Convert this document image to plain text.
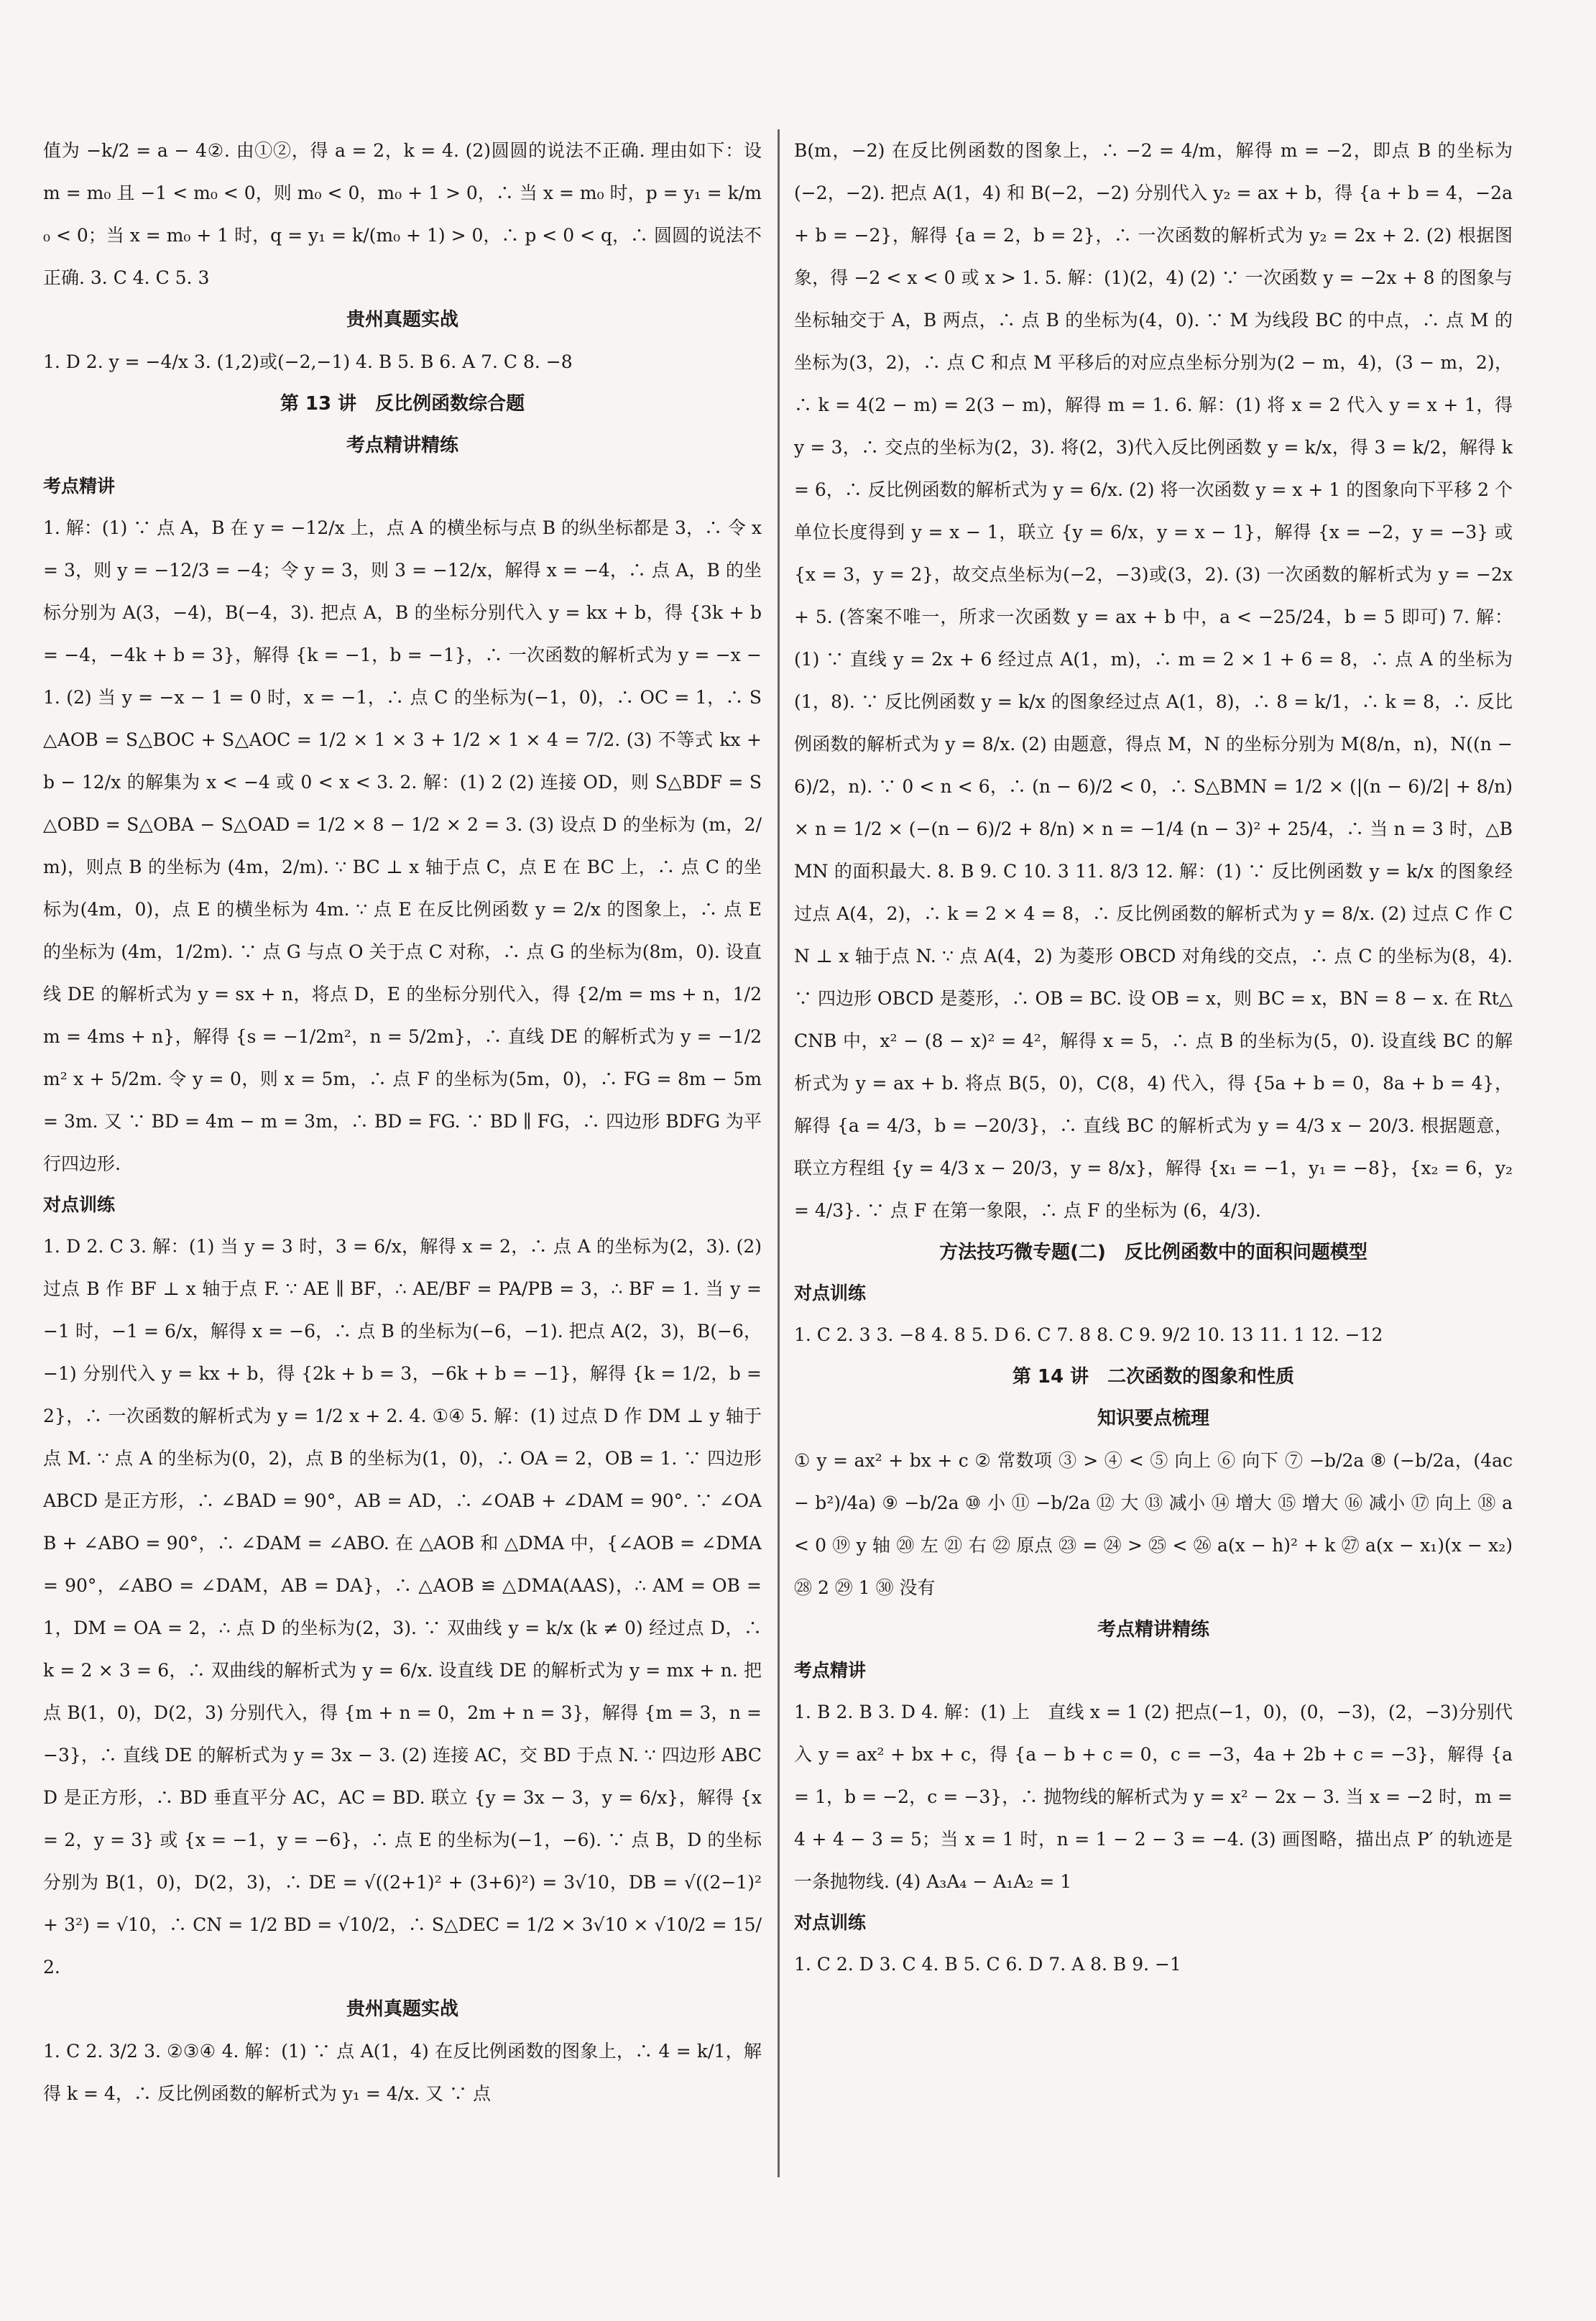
值为 −k/2 = a − 4②. 由①②，得 a = 2，k = 4. (2)圆圆的说法不正确. 理由如下：设 m = m₀ 且 −1 < m₀ < 0，则 m₀ < 0，m₀ + 1 > 0，∴ 当 x = m₀ 时，p = y₁ = k/m₀ < 0；当 x = m₀ + 1 时，q = y₁ = k/(m₀ + 1) > 0，∴ p < 0 < q，∴ 圆圆的说法不正确. 3. C 4. C 5. 3

贵州真题实战

1. D 2. y = −4/x 3. (1,2)或(−2,−1) 4. B 5. B 6. A 7. C 8. −8

第 13 讲　反比例函数综合题

考点精讲精练

考点精讲

1. 解：(1) ∵ 点 A，B 在 y = −12/x 上，点 A 的横坐标与点 B 的纵坐标都是 3，∴ 令 x = 3，则 y = −12/3 = −4；令 y = 3，则 3 = −12/x，解得 x = −4，∴ 点 A，B 的坐标分别为 A(3，−4)，B(−4，3). 把点 A，B 的坐标分别代入 y = kx + b，得 {3k + b = −4，−4k + b = 3}，解得 {k = −1，b = −1}，∴ 一次函数的解析式为 y = −x − 1. (2) 当 y = −x − 1 = 0 时，x = −1，∴ 点 C 的坐标为(−1，0)，∴ OC = 1，∴ S△AOB = S△BOC + S△AOC = 1/2 × 1 × 3 + 1/2 × 1 × 4 = 7/2. (3) 不等式 kx + b − 12/x 的解集为 x < −4 或 0 < x < 3. 2. 解：(1) 2 (2) 连接 OD，则 S△BDF = S△OBD = S△OBA − S△OAD = 1/2 × 8 − 1/2 × 2 = 3. (3) 设点 D 的坐标为 (m，2/m)，则点 B 的坐标为 (4m，2/m). ∵ BC ⊥ x 轴于点 C，点 E 在 BC 上，∴ 点 C 的坐标为(4m，0)，点 E 的横坐标为 4m. ∵ 点 E 在反比例函数 y = 2/x 的图象上，∴ 点 E 的坐标为 (4m，1/2m). ∵ 点 G 与点 O 关于点 C 对称，∴ 点 G 的坐标为(8m，0). 设直线 DE 的解析式为 y = sx + n，将点 D，E 的坐标分别代入，得 {2/m = ms + n，1/2m = 4ms + n}，解得 {s = −1/2m²，n = 5/2m}，∴ 直线 DE 的解析式为 y = −1/2m² x + 5/2m. 令 y = 0，则 x = 5m，∴ 点 F 的坐标为(5m，0)，∴ FG = 8m − 5m = 3m. 又 ∵ BD = 4m − m = 3m，∴ BD = FG. ∵ BD ∥ FG，∴ 四边形 BDFG 为平行四边形.

对点训练

1. D 2. C 3. 解：(1) 当 y = 3 时，3 = 6/x，解得 x = 2，∴ 点 A 的坐标为(2，3). (2) 过点 B 作 BF ⊥ x 轴于点 F. ∵ AE ∥ BF，∴ AE/BF = PA/PB = 3，∴ BF = 1. 当 y = −1 时，−1 = 6/x，解得 x = −6，∴ 点 B 的坐标为(−6，−1). 把点 A(2，3)，B(−6，−1) 分别代入 y = kx + b，得 {2k + b = 3，−6k + b = −1}，解得 {k = 1/2，b = 2}，∴ 一次函数的解析式为 y = 1/2 x + 2. 4. ①④ 5. 解：(1) 过点 D 作 DM ⊥ y 轴于点 M. ∵ 点 A 的坐标为(0，2)，点 B 的坐标为(1，0)，∴ OA = 2，OB = 1. ∵ 四边形 ABCD 是正方形，∴ ∠BAD = 90°，AB = AD，∴ ∠OAB + ∠DAM = 90°. ∵ ∠OAB + ∠ABO = 90°，∴ ∠DAM = ∠ABO. 在 △AOB 和 △DMA 中，{∠AOB = ∠DMA = 90°，∠ABO = ∠DAM，AB = DA}，∴ △AOB ≌ △DMA(AAS)，∴ AM = OB = 1，DM = OA = 2，∴ 点 D 的坐标为(2，3). ∵ 双曲线 y = k/x (k ≠ 0) 经过点 D，∴ k = 2 × 3 = 6，∴ 双曲线的解析式为 y = 6/x. 设直线 DE 的解析式为 y = mx + n. 把点 B(1，0)，D(2，3) 分别代入，得 {m + n = 0，2m + n = 3}，解得 {m = 3，n = −3}，∴ 直线 DE 的解析式为 y = 3x − 3. (2) 连接 AC，交 BD 于点 N. ∵ 四边形 ABCD 是正方形，∴ BD 垂直平分 AC，AC = BD. 联立 {y = 3x − 3，y = 6/x}，解得 {x = 2，y = 3} 或 {x = −1，y = −6}，∴ 点 E 的坐标为(−1，−6). ∵ 点 B，D 的坐标分别为 B(1，0)，D(2，3)，∴ DE = √((2+1)² + (3+6)²) = 3√10，DB = √((2−1)² + 3²) = √10，∴ CN = 1/2 BD = √10/2，∴ S△DEC = 1/2 × 3√10 × √10/2 = 15/2.

贵州真题实战

1. C 2. 3/2 3. ②③④ 4. 解：(1) ∵ 点 A(1，4) 在反比例函数的图象上，∴ 4 = k/1，解得 k = 4，∴ 反比例函数的解析式为 y₁ = 4/x. 又 ∵ 点

B(m，−2) 在反比例函数的图象上，∴ −2 = 4/m，解得 m = −2，即点 B 的坐标为(−2，−2). 把点 A(1，4) 和 B(−2，−2) 分别代入 y₂ = ax + b，得 {a + b = 4，−2a + b = −2}，解得 {a = 2，b = 2}，∴ 一次函数的解析式为 y₂ = 2x + 2. (2) 根据图象，得 −2 < x < 0 或 x > 1. 5. 解：(1)(2，4) (2) ∵ 一次函数 y = −2x + 8 的图象与坐标轴交于 A，B 两点，∴ 点 B 的坐标为(4，0). ∵ M 为线段 BC 的中点，∴ 点 M 的坐标为(3，2)，∴ 点 C 和点 M 平移后的对应点坐标分别为(2 − m，4)，(3 − m，2)，∴ k = 4(2 − m) = 2(3 − m)，解得 m = 1. 6. 解：(1) 将 x = 2 代入 y = x + 1，得 y = 3，∴ 交点的坐标为(2，3). 将(2，3)代入反比例函数 y = k/x，得 3 = k/2，解得 k = 6，∴ 反比例函数的解析式为 y = 6/x. (2) 将一次函数 y = x + 1 的图象向下平移 2 个单位长度得到 y = x − 1，联立 {y = 6/x，y = x − 1}，解得 {x = −2，y = −3} 或 {x = 3，y = 2}，故交点坐标为(−2，−3)或(3，2). (3) 一次函数的解析式为 y = −2x + 5. (答案不唯一，所求一次函数 y = ax + b 中，a < −25/24，b = 5 即可) 7. 解：(1) ∵ 直线 y = 2x + 6 经过点 A(1，m)，∴ m = 2 × 1 + 6 = 8，∴ 点 A 的坐标为(1，8). ∵ 反比例函数 y = k/x 的图象经过点 A(1，8)，∴ 8 = k/1，∴ k = 8，∴ 反比例函数的解析式为 y = 8/x. (2) 由题意，得点 M，N 的坐标分别为 M(8/n，n)，N((n − 6)/2，n). ∵ 0 < n < 6，∴ (n − 6)/2 < 0，∴ S△BMN = 1/2 × (|(n − 6)/2| + 8/n) × n = 1/2 × (−(n − 6)/2 + 8/n) × n = −1/4 (n − 3)² + 25/4，∴ 当 n = 3 时，△BMN 的面积最大. 8. B 9. C 10. 3 11. 8/3 12. 解：(1) ∵ 反比例函数 y = k/x 的图象经过点 A(4，2)，∴ k = 2 × 4 = 8，∴ 反比例函数的解析式为 y = 8/x. (2) 过点 C 作 CN ⊥ x 轴于点 N. ∵ 点 A(4，2) 为菱形 OBCD 对角线的交点，∴ 点 C 的坐标为(8，4). ∵ 四边形 OBCD 是菱形，∴ OB = BC. 设 OB = x，则 BC = x，BN = 8 − x. 在 Rt△CNB 中，x² − (8 − x)² = 4²，解得 x = 5，∴ 点 B 的坐标为(5，0). 设直线 BC 的解析式为 y = ax + b. 将点 B(5，0)，C(8，4) 代入，得 {5a + b = 0，8a + b = 4}，解得 {a = 4/3，b = −20/3}，∴ 直线 BC 的解析式为 y = 4/3 x − 20/3. 根据题意，联立方程组 {y = 4/3 x − 20/3，y = 8/x}，解得 {x₁ = −1，y₁ = −8}，{x₂ = 6，y₂ = 4/3}. ∵ 点 F 在第一象限，∴ 点 F 的坐标为 (6，4/3).

方法技巧微专题(二)　反比例函数中的面积问题模型

对点训练

1. C 2. 3 3. −8 4. 8 5. D 6. C 7. 8 8. C 9. 9/2 10. 13 11. 1 12. −12

第 14 讲　二次函数的图象和性质

知识要点梳理

① y = ax² + bx + c ② 常数项 ③ > ④ < ⑤ 向上 ⑥ 向下 ⑦ −b/2a ⑧ (−b/2a，(4ac − b²)/4a) ⑨ −b/2a ⑩ 小 ⑪ −b/2a ⑫ 大 ⑬ 减小 ⑭ 增大 ⑮ 增大 ⑯ 减小 ⑰ 向上 ⑱ a < 0 ⑲ y 轴 ⑳ 左 ㉑ 右 ㉒ 原点 ㉓ = ㉔ > ㉕ < ㉖ a(x − h)² + k ㉗ a(x − x₁)(x − x₂) ㉘ 2 ㉙ 1 ㉚ 没有

考点精讲精练

考点精讲

1. B 2. B 3. D 4. 解：(1) 上　直线 x = 1 (2) 把点(−1，0)，(0，−3)，(2，−3)分别代入 y = ax² + bx + c，得 {a − b + c = 0，c = −3，4a + 2b + c = −3}，解得 {a = 1，b = −2，c = −3}，∴ 抛物线的解析式为 y = x² − 2x − 3. 当 x = −2 时，m = 4 + 4 − 3 = 5；当 x = 1 时，n = 1 − 2 − 3 = −4. (3) 画图略，描出点 P′ 的轨迹是一条抛物线. (4) A₃A₄ − A₁A₂ = 1

对点训练

1. C 2. D 3. C 4. B 5. C 6. D 7. A 8. B 9. −1
